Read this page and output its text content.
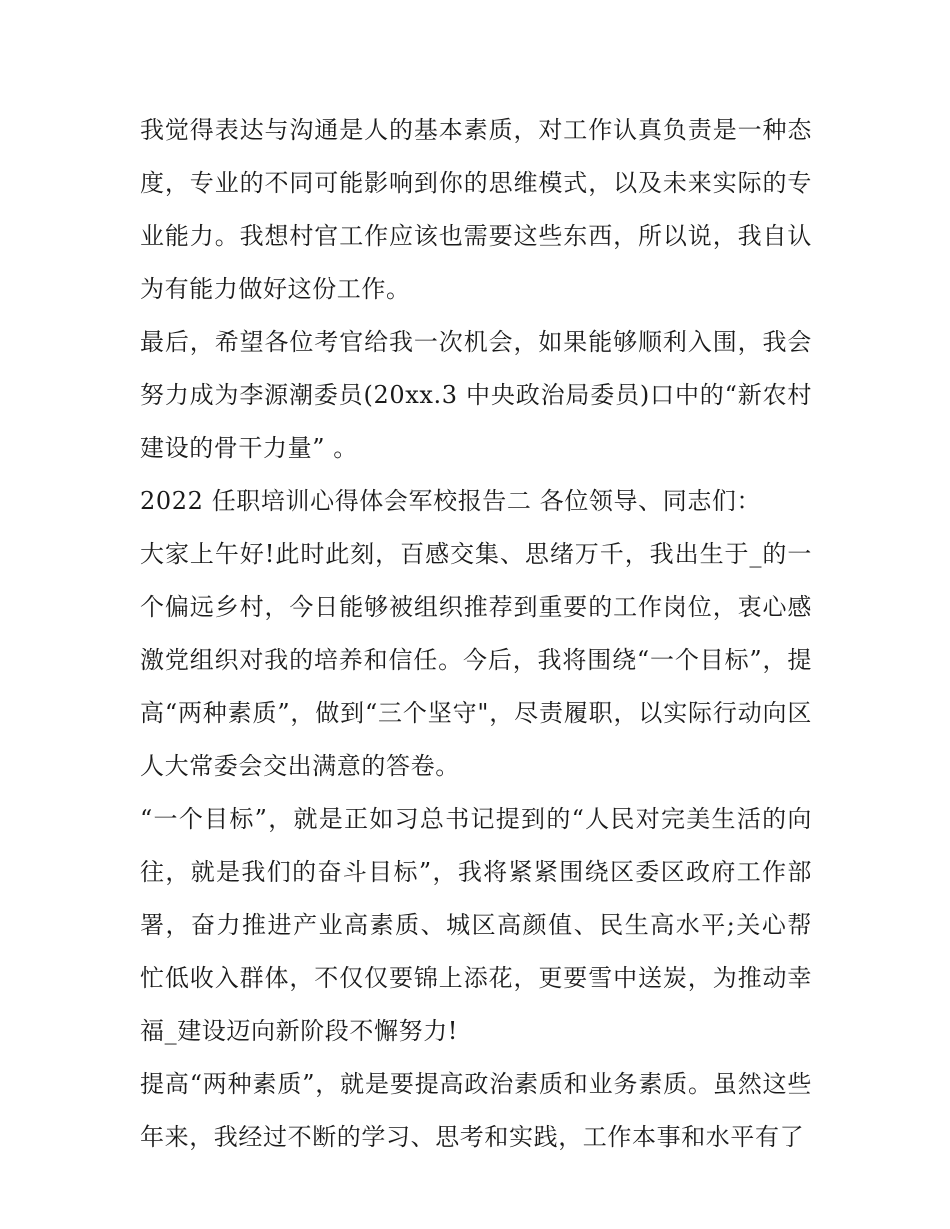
我觉得表达与沟通是人的基本素质，对工作认真负责是一种态度，专业的不同可能影响到你的思维模式，以及未来实际的专业能力。我想村官工作应该也需要这些东西，所以说，我自认为有能力做好这份工作。

最后，希望各位考官给我一次机会，如果能够顺利入围，我会努力成为李源潮委员(20xx.3 中央政治局委员)口中的“新农村建设的骨干力量” 。

2022 任职培训心得体会军校报告二 各位领导、同志们：

大家上午好!此时此刻，百感交集、思绪万千，我出生于_的一个偏远乡村，今日能够被组织推荐到重要的工作岗位，衷心感激党组织对我的培养和信任。今后，我将围绕“一个目标”，提高“两种素质”，做到“三个坚守"，尽责履职，以实际行动向区人大常委会交出满意的答卷。

“一个目标”，就是正如习总书记提到的“人民对完美生活的向往，就是我们的奋斗目标”，我将紧紧围绕区委区政府工作部署，奋力推进产业高素质、城区高颜值、民生高水平;关心帮忙低收入群体，不仅仅要锦上添花，更要雪中送炭，为推动幸福_建设迈向新阶段不懈努力!

提高“两种素质”，就是要提高政治素质和业务素质。虽然这些年来，我经过不断的学习、思考和实践，工作本事和水平有了
